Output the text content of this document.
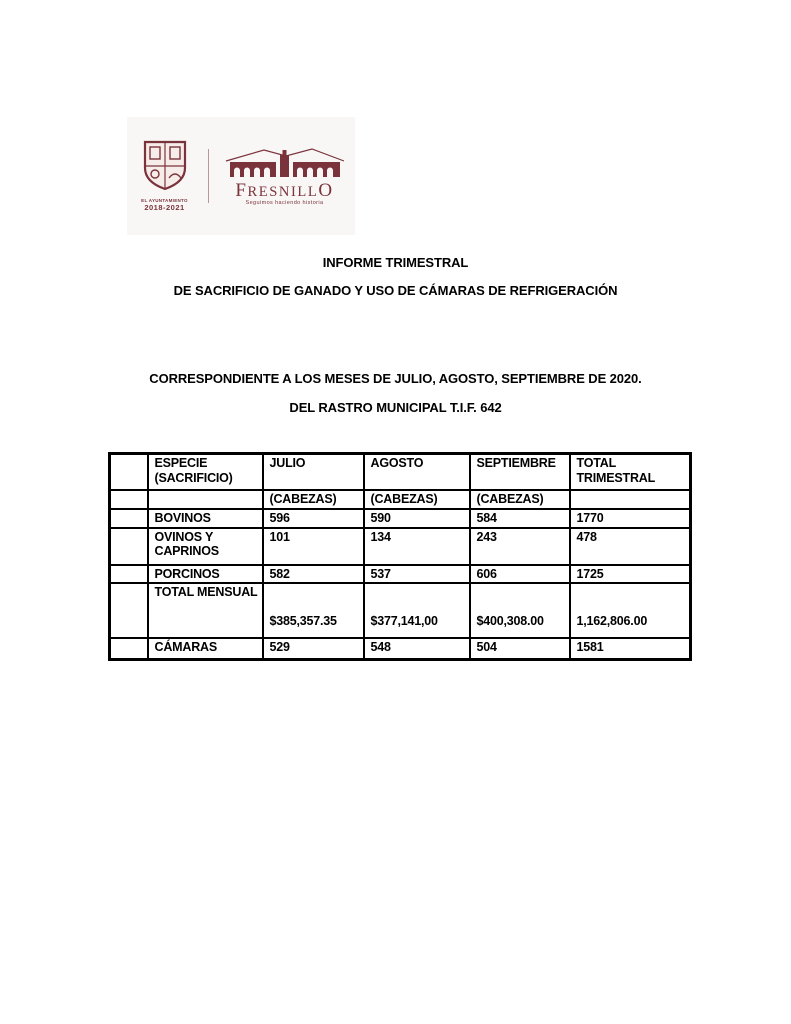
EL AYUNTAMIENTO
2018-2021
FRESNILLO
Seguimos haciendo historia
INFORME TRIMESTRAL
DE SACRIFICIO DE GANADO Y USO DE CÁMARAS DE REFRIGERACIÓN
CORRESPONDIENTE A LOS MESES DE JULIO, AGOSTO, SEPTIEMBRE DE 2020.
DEL RASTRO MUNICIPAL T.I.F. 642
	ESPECIE (SACRIFICIO)	JULIO	AGOSTO	SEPTIEMBRE	TOTAL TRIMESTRAL
		(CABEZAS)	(CABEZAS)	(CABEZAS)	
	BOVINOS	596	590	584	1770
	OVINOS Y CAPRINOS	101	134	243	478
	PORCINOS	582	537	606	1725
	TOTAL MENSUAL	$385,357.35	$377,141,00	$400,308.00	1,162,806.00
	CÁMARAS	529	548	504	1581
